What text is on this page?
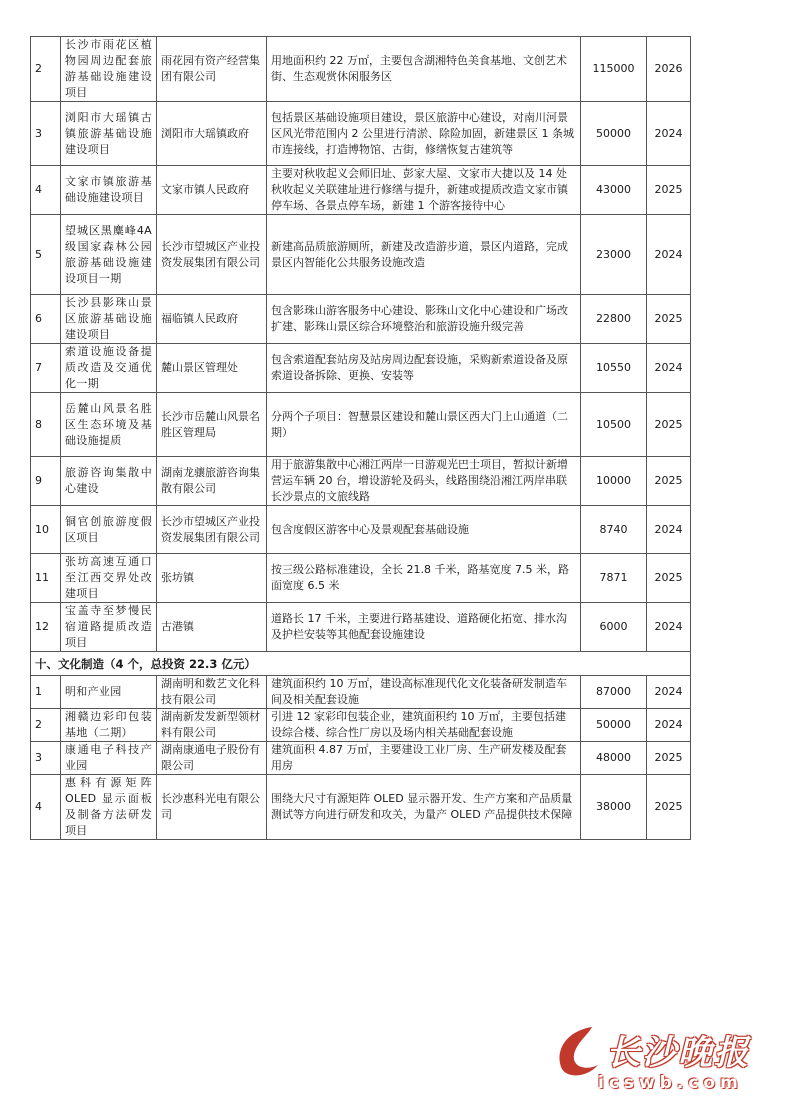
2	长沙市雨花区植物园周边配套旅游基础设施建设项目	雨花园有资产经营集团有限公司	用地面积约 22 万㎡，主要包含湖湘特色美食基地、文创艺术街、生态观赏休闲服务区	115000	2026
3	浏阳市大瑶镇古镇旅游基础设施建设项目	浏阳市大瑶镇政府	包括景区基础设施项目建设，景区旅游中心建设，对南川河景区风光带范围内 2 公里进行清淤、除险加固，新建景区 1 条城市连接线，打造博物馆、古街，修缮恢复古建筑等	50000	2024
4	文家市镇旅游基础设施建设项目	文家市镇人民政府	主要对秋收起义会师旧址、彭家大屋、文家市大捷以及 14 处秋收起义关联建址进行修缮与提升，新建或提质改造文家市镇停车场、各景点停车场，新建 1 个游客接待中心	43000	2025
5	望城区黑麋峰4A 级国家森林公园旅游基础设施建设项目一期	长沙市望城区产业投资发展集团有限公司	新建高品质旅游厕所，新建及改造游步道，景区内道路，完成景区内智能化公共服务设施改造	23000	2024
6	长沙县影珠山景区旅游基础设施建设项目	福临镇人民政府	包含影珠山游客服务中心建设、影珠山文化中心建设和广场改扩建、影珠山景区综合环境整治和旅游设施升级完善	22800	2025
7	索道设施设备提质改造及交通优化一期	麓山景区管理处	包含索道配套站房及站房周边配套设施，采购新索道设备及原索道设备拆除、更换、安装等	10550	2024
8	岳麓山风景名胜区生态环境及基础设施提质	长沙市岳麓山风景名胜区管理局	分两个子项目：智慧景区建设和麓山景区西大门上山通道（二期）	10500	2025
9	旅游咨询集散中心建设	湖南龙骧旅游咨询集散有限公司	用于旅游集散中心湘江两岸一日游观光巴士项目，暂拟计新增营运车辆 20 台，增设游轮及码头，线路围绕沿湘江两岸串联长沙景点的文旅线路	10000	2025
10	铜官创旅游度假区项目	长沙市望城区产业投资发展集团有限公司	包含度假区游客中心及景观配套基础设施	8740	2024
11	张坊高速互通口至江西交界处改建项目	张坊镇	按三级公路标准建设，全长 21.8 千米，路基宽度 7.5 米，路面宽度 6.5 米	7871	2025
12	宝盖寺至梦慢民宿道路提质改造项目	古港镇	道路长 17 千米，主要进行路基建设、道路硬化拓宽、排水沟及护栏安装等其他配套设施建设	6000	2024
十、文化制造（4 个，总投资 22.3 亿元）					
1	明和产业园	湖南明和数艺文化科技有限公司	建筑面积约 10 万㎡，建设高标准现代化文化装备研发制造车间及相关配套设施	87000	2024
2	湘赣边彩印包装基地（二期）	湖南新发发新型领材料有限公司	引进 12 家彩印包装企业，建筑面积约 10 万㎡，主要包括建设综合楼、综合性厂房以及场内相关基础配套设施	50000	2024
3	康通电子科技产业园	湖南康通电子股份有限公司	建筑面积 4.87 万㎡，主要建设工业厂房、生产研发楼及配套用房	48000	2025
4	惠科有源矩阵OLED 显示面板及制备方法研发项目	长沙惠科光电有限公司	围绕大尺寸有源矩阵 OLED 显示器开发、生产方案和产品质量测试等方向进行研发和攻关，为量产 OLED 产品提供技术保障	38000	2025
长沙晚报
icswb.com
